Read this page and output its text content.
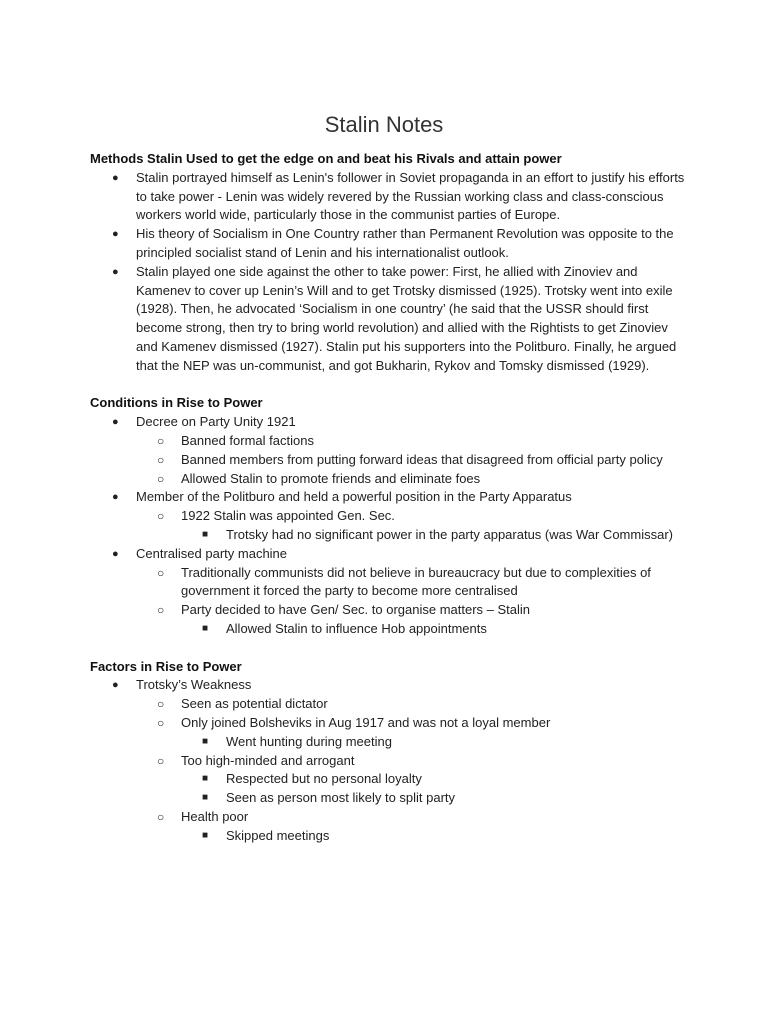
Stalin Notes

Methods Stalin Used to get the edge on and beat his Rivals and attain power

● Stalin portrayed himself as Lenin's follower in Soviet propaganda in an effort to justify his efforts to take power - Lenin was widely revered by the Russian working class and class-conscious workers world wide, particularly those in the communist parties of Europe.
● His theory of Socialism in One Country rather than Permanent Revolution was opposite to the principled socialist stand of Lenin and his internationalist outlook.
● Stalin played one side against the other to take power: First, he allied with Zinoviev and Kamenev to cover up Lenin’s Will and to get Trotsky dismissed (1925). Trotsky went into exile (1928). Then, he advocated ‘Socialism in one country’ (he said that the USSR should first become strong, then try to bring world revolution) and allied with the Rightists to get Zinoviev and Kamenev dismissed (1927). Stalin put his supporters into the Politburo. Finally, he argued that the NEP was un-communist, and got Bukharin, Rykov and Tomsky dismissed (1929).

Conditions in Rise to Power

● Decree on Party Unity 1921
○ Banned formal factions
○ Banned members from putting forward ideas that disagreed from official party policy
○ Allowed Stalin to promote friends and eliminate foes
● Member of the Politburo and held a powerful position in the Party Apparatus
○ 1922 Stalin was appointed Gen. Sec.
■ Trotsky had no significant power in the party apparatus (was War Commissar)
● Centralised party machine
○ Traditionally communists did not believe in bureaucracy but due to complexities of government it forced the party to become more centralised
○ Party decided to have Gen/ Sec. to organise matters – Stalin
■ Allowed Stalin to influence Hob appointments

Factors in Rise to Power

● Trotsky’s Weakness
○ Seen as potential dictator
○ Only joined Bolsheviks in Aug 1917 and was not a loyal member
■ Went hunting during meeting
○ Too high-minded and arrogant
■ Respected but no personal loyalty
■ Seen as person most likely to split party
○ Health poor
■ Skipped meetings
